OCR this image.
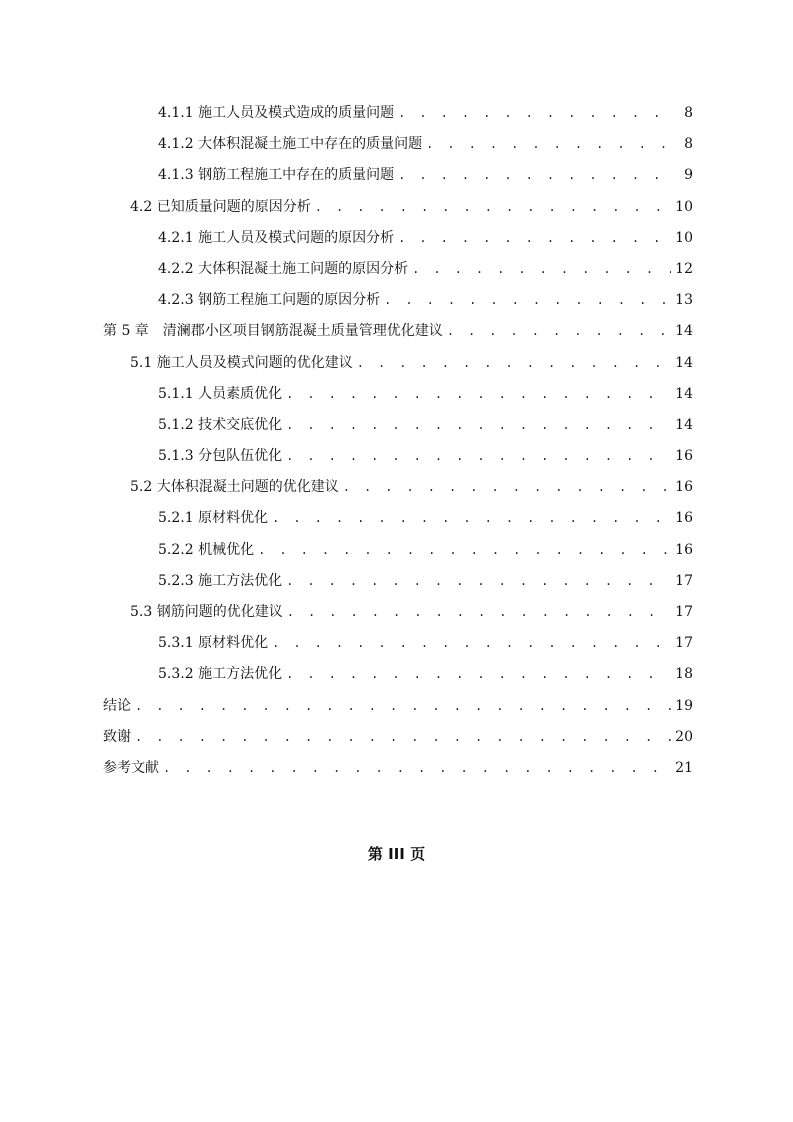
4.1.1 施工人员及模式造成的质量问题 . . .	8
4.1.2 大体积混凝土施工中存在的质量问题 . . .	8
4.1.3 钢筋工程施工中存在的质量问题 . . .	9
4.2 已知质量问题的原因分析 . . .	10
4.2.1 施工人员及模式问题的原因分析 . . .	10
4.2.2 大体积混凝土施工问题的原因分析 . . .	12
4.2.3 钢筋工程施工问题的原因分析 . . .	13
第 5 章　清澜郡小区项目钢筋混凝土质量管理优化建议 . . .	14
5.1 施工人员及模式问题的优化建议 . . .	14
5.1.1 人员素质优化 . . .	14
5.1.2 技术交底优化 . . .	14
5.1.3 分包队伍优化 . . .	16
5.2 大体积混凝土问题的优化建议 . . .	16
5.2.1 原材料优化 . . .	16
5.2.2 机械优化 . . .	16
5.2.3 施工方法优化 . . .	17
5.3 钢筋问题的优化建议 . . .	17
5.3.1 原材料优化 . . .	17
5.3.2 施工方法优化 . . .	18
结论 . . .	19
致谢 . . .	20
参考文献 . . .	21
第 III 页
